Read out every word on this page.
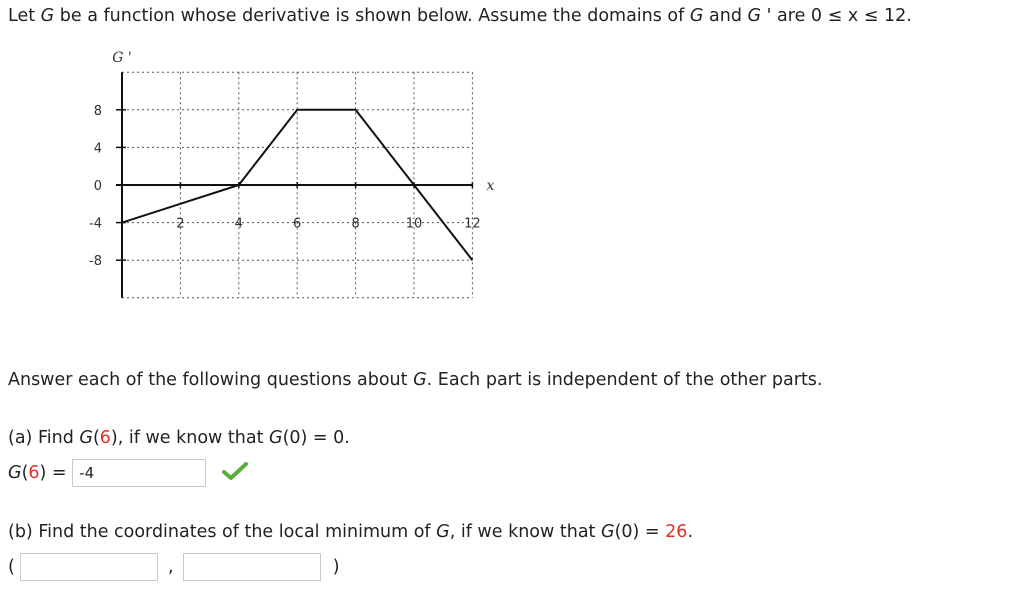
Let G be a function whose derivative is shown below. Assume the domains of G and G ' are 0 ≤ x ≤ 12.
8
4
0
-4
-8
2	4	6	8	10	12
G '
x
Answer each of the following questions about G. Each part is independent of the other parts.
(a) Find G(6), if we know that G(0) = 0.
G(6) = -4
(b) Find the coordinates of the local minimum of G, if we know that G(0) = 26.
(	,	)
